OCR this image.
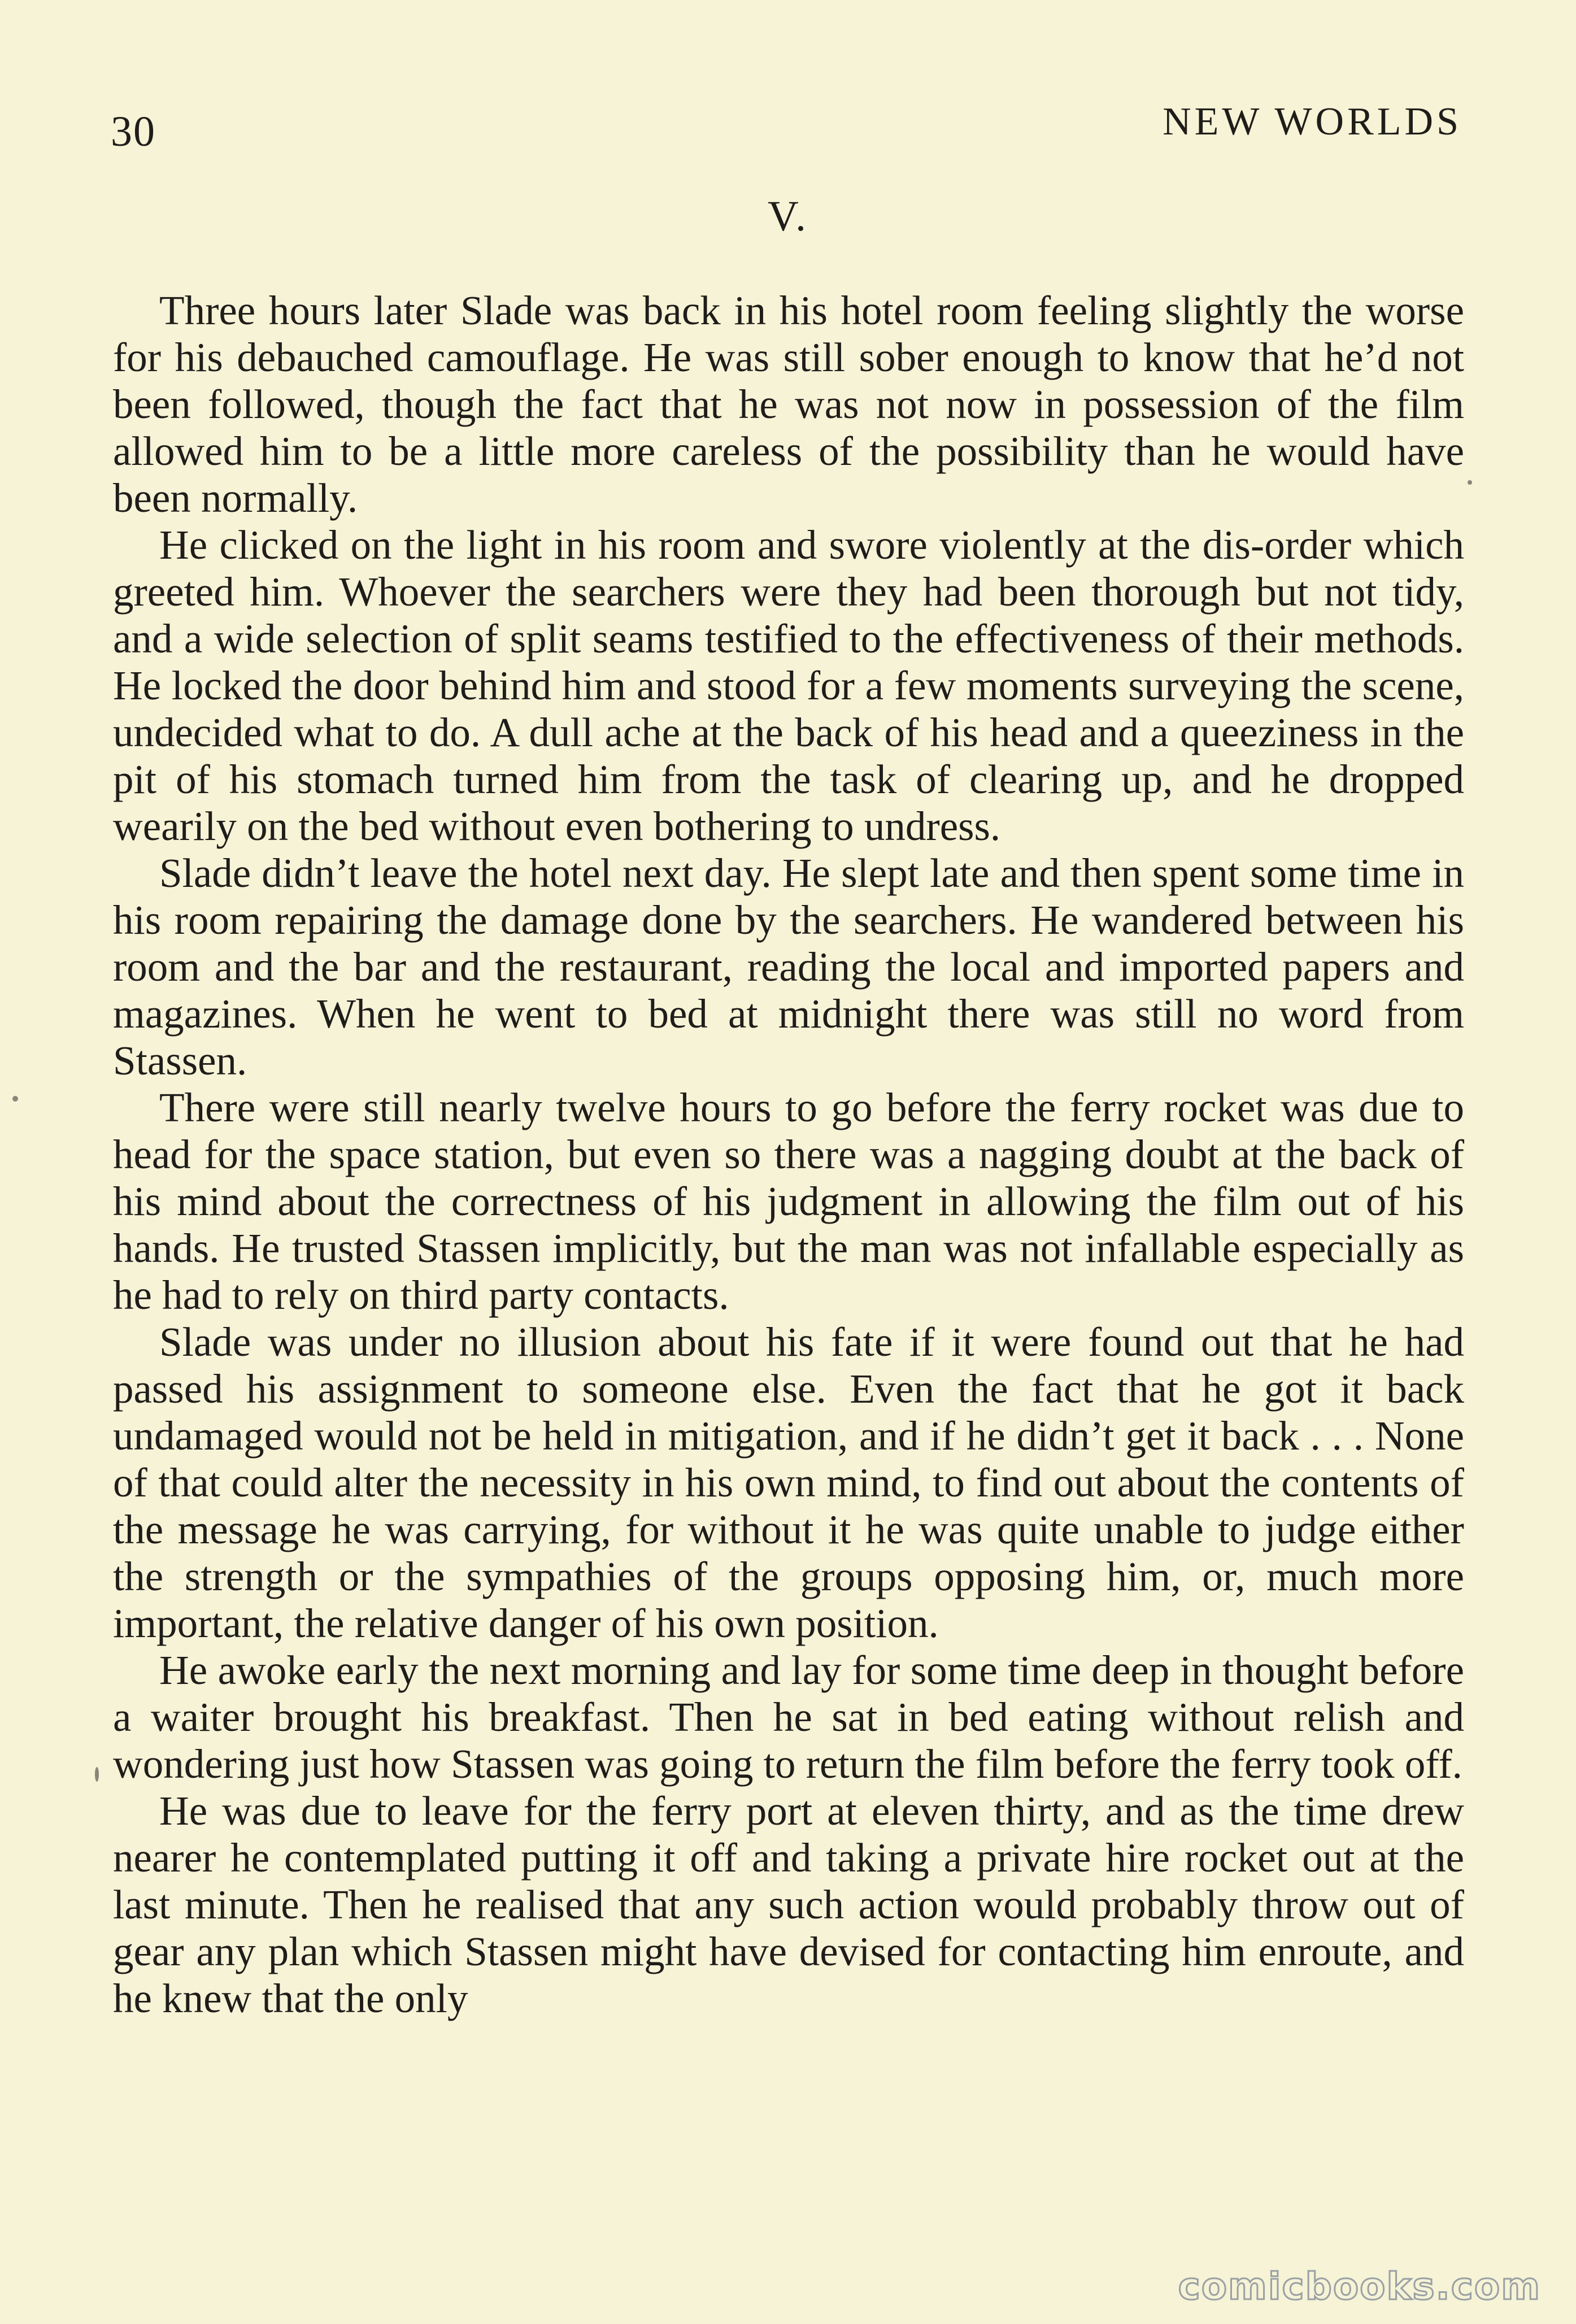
30	NEW WORLDS
V.

Three hours later Slade was back in his hotel room feeling slightly the worse for his debauched camouflage. He was still sober enough to know that he’d not been followed, though the fact that he was not now in possession of the film allowed him to be a little more careless of the possibility than he would have been normally.

He clicked on the light in his room and swore violently at the dis-order which greeted him. Whoever the searchers were they had been thorough but not tidy, and a wide selection of split seams testified to the effectiveness of their methods. He locked the door behind him and stood for a few moments surveying the scene, undecided what to do. A dull ache at the back of his head and a queeziness in the pit of his stomach turned him from the task of clearing up, and he dropped wearily on the bed without even bothering to undress.

Slade didn’t leave the hotel next day. He slept late and then spent some time in his room repairing the damage done by the searchers. He wandered between his room and the bar and the restaurant, reading the local and imported papers and magazines. When he went to bed at midnight there was still no word from Stassen.

There were still nearly twelve hours to go before the ferry rocket was due to head for the space station, but even so there was a nagging doubt at the back of his mind about the correctness of his judgment in allowing the film out of his hands. He trusted Stassen implicitly, but the man was not infallable especially as he had to rely on third party contacts.

Slade was under no illusion about his fate if it were found out that he had passed his assignment to someone else. Even the fact that he got it back undamaged would not be held in mitigation, and if he didn’t get it back . . . None of that could alter the necessity in his own mind, to find out about the contents of the message he was carrying, for without it he was quite unable to judge either the strength or the sympathies of the groups opposing him, or, much more important, the relative danger of his own position.

He awoke early the next morning and lay for some time deep in thought before a waiter brought his breakfast. Then he sat in bed eating without relish and wondering just how Stassen was going to return the film before the ferry took off.

He was due to leave for the ferry port at eleven thirty, and as the time drew nearer he contemplated putting it off and taking a private hire rocket out at the last minute. Then he realised that any such action would probably throw out of gear any plan which Stassen might have devised for contacting him enroute, and he knew that the only

comicbooks.com
